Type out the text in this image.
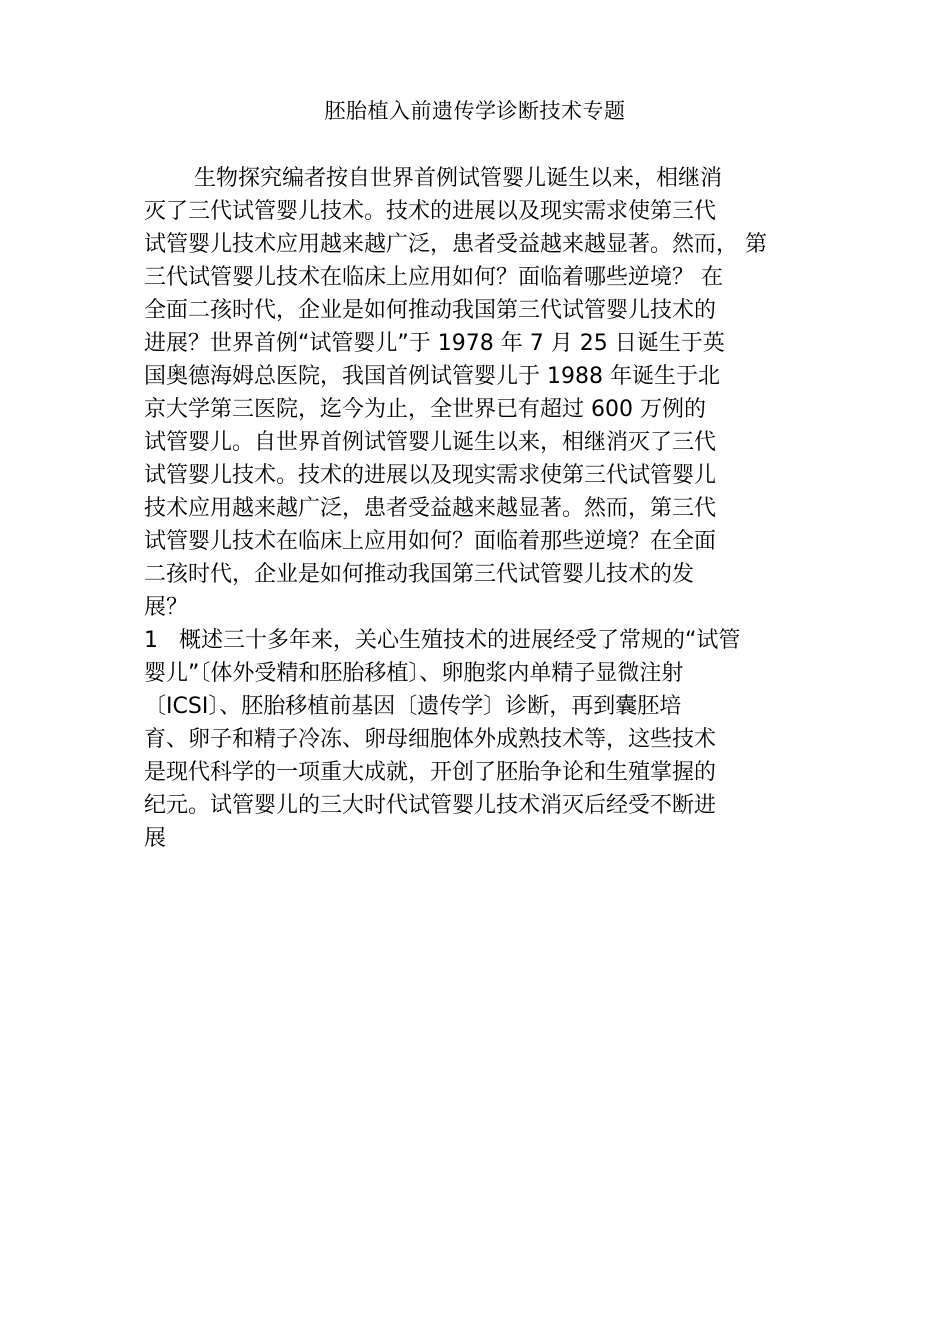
胚胎植入前遗传学诊断技术专题
生物探究编者按自世界首例试管婴儿诞生以来，相继消
灭了三代试管婴儿技术。技术的进展以及现实需求使第三代
试管婴儿技术应用越来越广泛，患者受益越来越显著。然而， 第
三代试管婴儿技术在临床上应用如何？面临着哪些逆境？ 在
全面二孩时代，企业是如何推动我国第三代试管婴儿技术的
进展？世界首例“试管婴儿”于 1978 年 7 月 25 日诞生于英
国奥德海姆总医院，我国首例试管婴儿于 1988 年诞生于北
京大学第三医院，迄今为止，全世界已有超过 600 万例的
试管婴儿。自世界首例试管婴儿诞生以来，相继消灭了三代
试管婴儿技术。技术的进展以及现实需求使第三代试管婴儿
技术应用越来越广泛，患者受益越来越显著。然而，第三代
试管婴儿技术在临床上应用如何？面临着那些逆境？在全面
二孩时代，企业是如何推动我国第三代试管婴儿技术的发
展？
1   概述三十多年来，关心生殖技术的进展经受了常规的“试管
婴儿”〔体外受精和胚胎移植〕、卵胞浆内单精子显微注射
〔ICSI〕、胚胎移植前基因〔遗传学〕诊断，再到囊胚培
育、卵子和精子冷冻、卵母细胞体外成熟技术等，这些技术
是现代科学的一项重大成就，开创了胚胎争论和生殖掌握的
纪元。试管婴儿的三大时代试管婴儿技术消灭后经受不断进
展
